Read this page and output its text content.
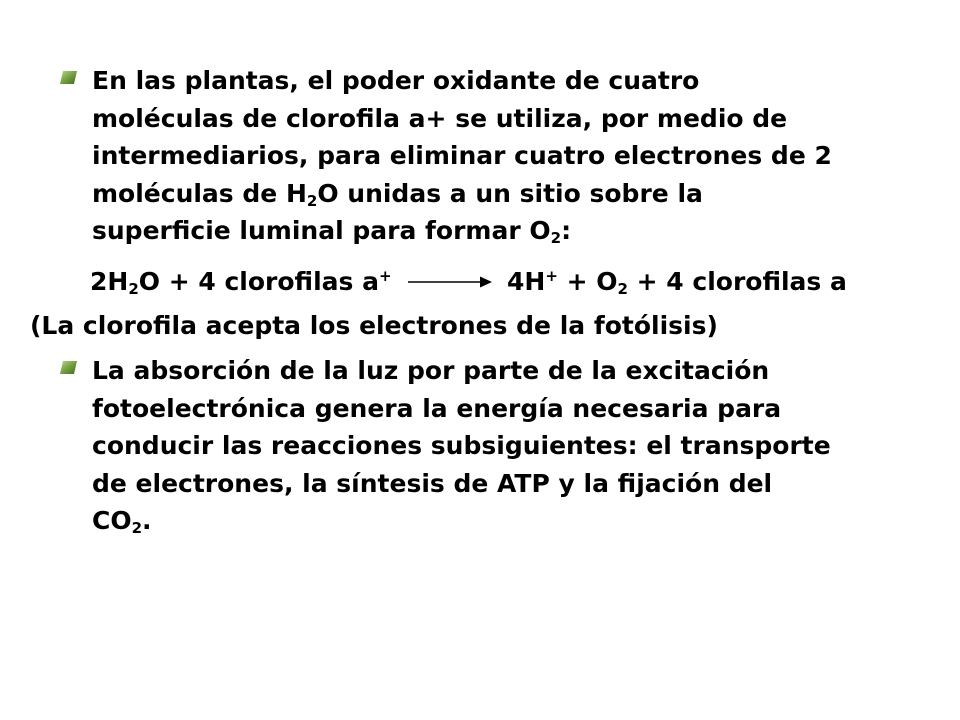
En las plantas, el poder oxidante de cuatro
moléculas de clorofila a+ se utiliza, por medio de
intermediarios, para eliminar cuatro electrones de 2
moléculas de $H_2O$ unidas a un sitio sobre la
superficie luminal para formar $O_2$:
$2H_2O + 4$ clorofilas $a^+ \to 4H^+ + O_2 + 4$ clorofilas a
(La clorofila acepta los electrones de la fotólisis)
La absorción de la luz por parte de la excitación
fotoelectrónica genera la energía necesaria para
conducir las reacciones subsiguientes: el transporte
de electrones, la síntesis de ATP y la fijación del
$CO_2$.
